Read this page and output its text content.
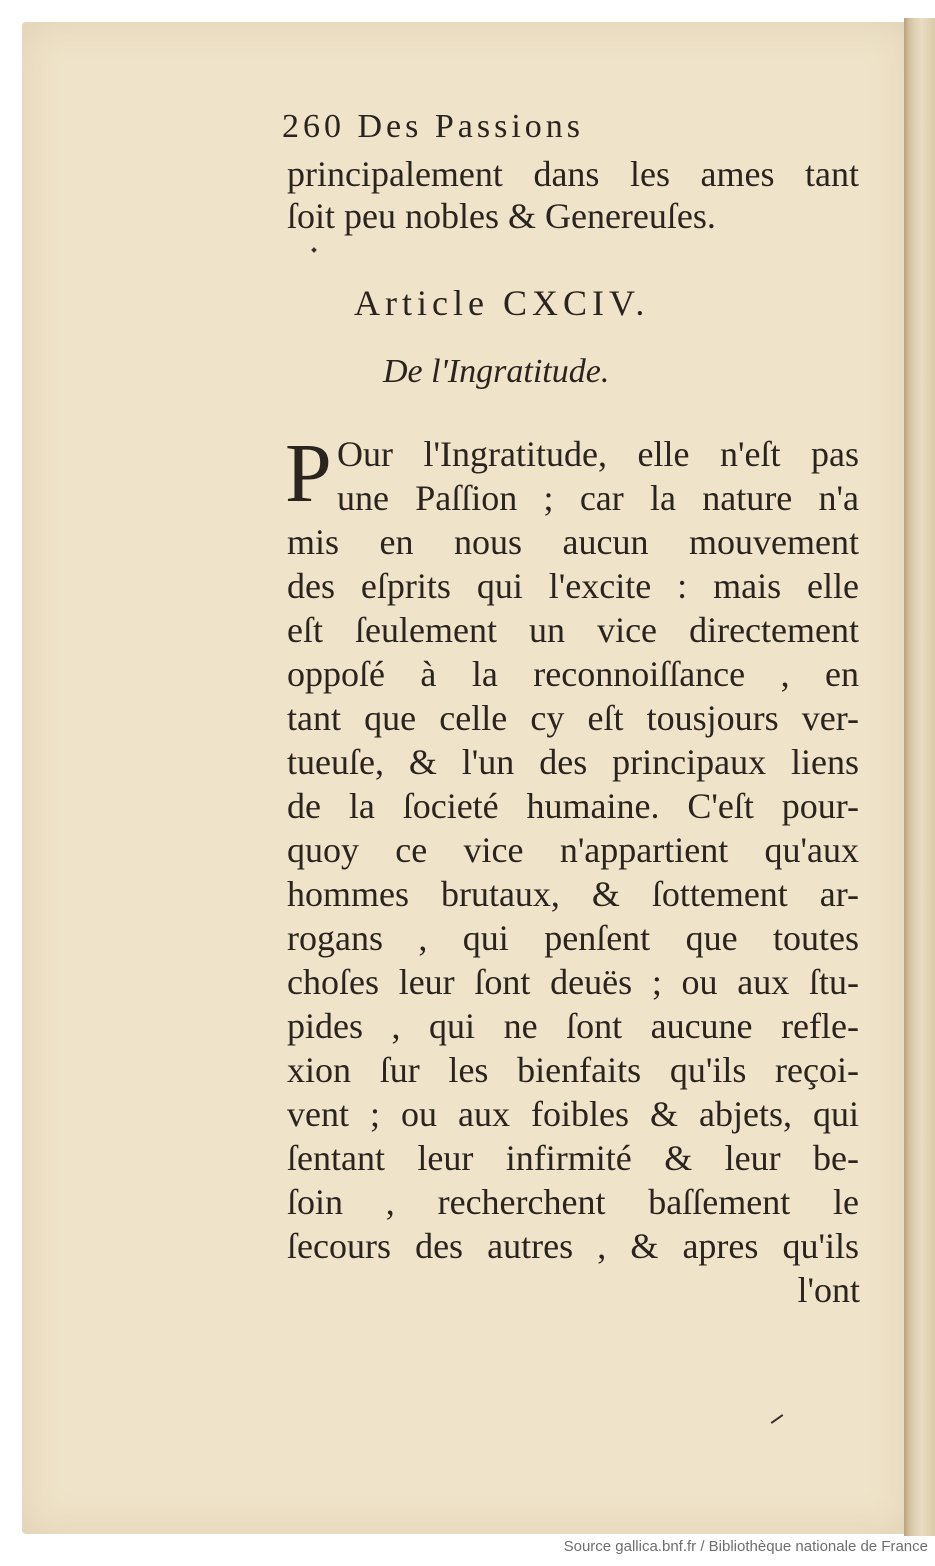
260 Des Passions
principalement dans les ames tant
ſoit peu nobles & Genereuſes.
Article CXCIV.
De l'Ingratitude.
P Our l'Ingratitude, elle n'eſt pas
une Paſſion ; car la nature n'a
mis en nous aucun mouvement
des eſprits qui l'excite : mais elle
eſt ſeulement un vice directement
oppoſé à la reconnoiſſance , en
tant que celle cy eſt tousjours ver-
tueuſe, & l'un des principaux liens
de la ſocieté humaine. C'eſt pour-
quoy ce vice n'appartient qu'aux
hommes brutaux, & ſottement ar-
rogans , qui penſent que toutes
choſes leur ſont deuës ; ou aux ſtu-
pides , qui ne ſont aucune refle-
xion ſur les bienfaits qu'ils reçoi-
vent ; ou aux foibles & abjets, qui
ſentant leur infirmité & leur be-
ſoin , recherchent baſſement le
ſecours des autres , & apres qu'ils
l'ont
Source gallica.bnf.fr / Bibliothèque nationale de France
